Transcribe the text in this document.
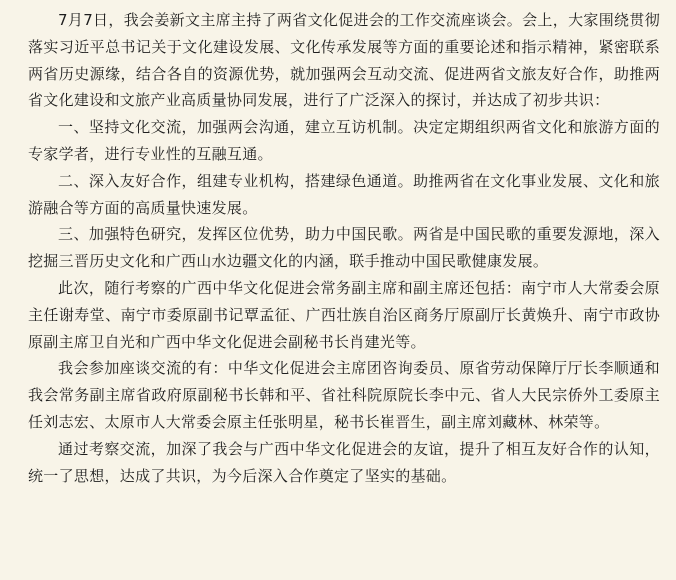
7月7日，我会姜新文主席主持了两省文化促进会的工作交流座谈会。会上，大家围绕贯彻落实习近平总书记关于文化建设发展、文化传承发展等方面的重要论述和指示精神，紧密联系两省历史源缘，结合各自的资源优势，就加强两会互动交流、促进两省文旅友好合作，助推两省文化建设和文旅产业高质量协同发展，进行了广泛深入的探讨，并达成了初步共识：

一、坚持文化交流，加强两会沟通，建立互访机制。决定定期组织两省文化和旅游方面的专家学者，进行专业性的互融互通。

二、深入友好合作，组建专业机构，搭建绿色通道。助推两省在文化事业发展、文化和旅游融合等方面的高质量快速发展。

三、加强特色研究，发挥区位优势，助力中国民歌。两省是中国民歌的重要发源地，深入挖掘三晋历史文化和广西山水边疆文化的内涵，联手推动中国民歌健康发展。

此次，随行考察的广西中华文化促进会常务副主席和副主席还包括：南宁市人大常委会原主任谢寿堂、南宁市委原副书记覃孟征、广西壮族自治区商务厅原副厅长黄焕升、南宁市政协原副主席卫自光和广西中华文化促进会副秘书长肖建光等。

我会参加座谈交流的有：中华文化促进会主席团咨询委员、原省劳动保障厅厅长李顺通和我会常务副主席省政府原副秘书长韩和平、省社科院原院长李中元、省人大民宗侨外工委原主任刘志宏、太原市人大常委会原主任张明星，秘书长崔晋生，副主席刘藏林、林荣等。

通过考察交流，加深了我会与广西中华文化促进会的友谊，提升了相互友好合作的认知，统一了思想，达成了共识，为今后深入合作奠定了坚实的基础。
